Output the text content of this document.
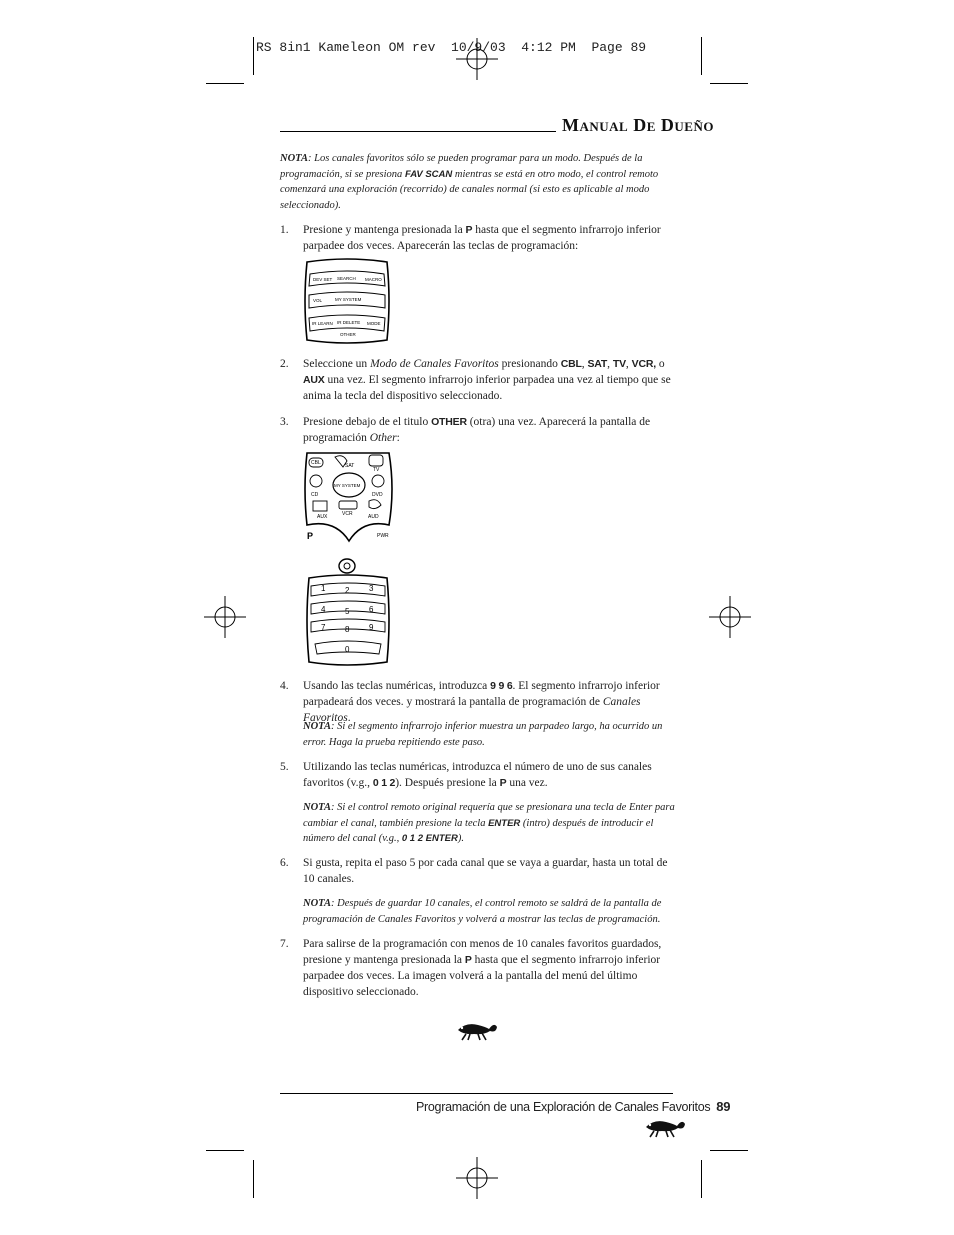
RS 8in1 Kameleon OM rev  10/9/03  4:12 PM  Page 89
Manual De Dueño
NOTA: Los canales favoritos sólo se pueden programar para un modo. Después de la programación, si se presiona FAV SCAN mientras se está en otro modo, el control remoto comenzará una exploración (recorrido) de canales normal (si esto es aplicable al modo seleccionado).
1. Presione y mantenga presionada la P hasta que el segmento infrarrojo inferior parpadee dos veces. Aparecerán las teclas de programación:
DEV SET SEARCH MACRO
VOL	MY SYSTEM
IR LEARN IR DELETE MODE
OTHER
2. Seleccione un Modo de Canales Favoritos presionando CBL, SAT, TV, VCR, o AUX una vez. El segmento infrarrojo inferior parpadea una vez al tiempo que se anima la tecla del dispositivo seleccionado.
3. Presione debajo de el titulo OTHER (otra) una vez. Aparecerá la pantalla de programación Other:
CBL	SAT
TV
MY SYSTEM
CD	DVD
AUX	VCR	AUD
P	PWR
1 2 3
4 5 6
7 8 9
0
4. Usando las teclas numéricas, introduzca 9 9 6. El segmento infrarrojo inferior parpadeará dos veces. y mostrará la pantalla de programación de Canales Favoritos.
NOTA: Si el segmento infrarrojo inferior muestra un parpadeo largo, ha ocurrido un error. Haga la prueba repitiendo este paso.
5. Utilizando las teclas numéricas, introduzca el número de uno de sus canales favoritos (v.g., 0 1 2). Después presione la P una vez.
NOTA: Si el control remoto original requería que se presionara una tecla de Enter para cambiar el canal, también presione la tecla ENTER (intro) después de introducir el número del canal (v.g., 0 1 2 ENTER).
6. Si gusta, repita el paso 5 por cada canal que se vaya a guardar, hasta un total de 10 canales.
NOTA: Después de guardar 10 canales, el control remoto se saldrá de la pantalla de programación de Canales Favoritos y volverá a mostrar las teclas de programación.
7. Para salirse de la programación con menos de 10 canales favoritos guardados, presione y mantenga presionada la P hasta que el segmento infrarrojo inferior parpadee dos veces. La imagen volverá a la pantalla del menú del último dispositivo seleccionado.
Programación de una Exploración de Canales Favoritos 89
